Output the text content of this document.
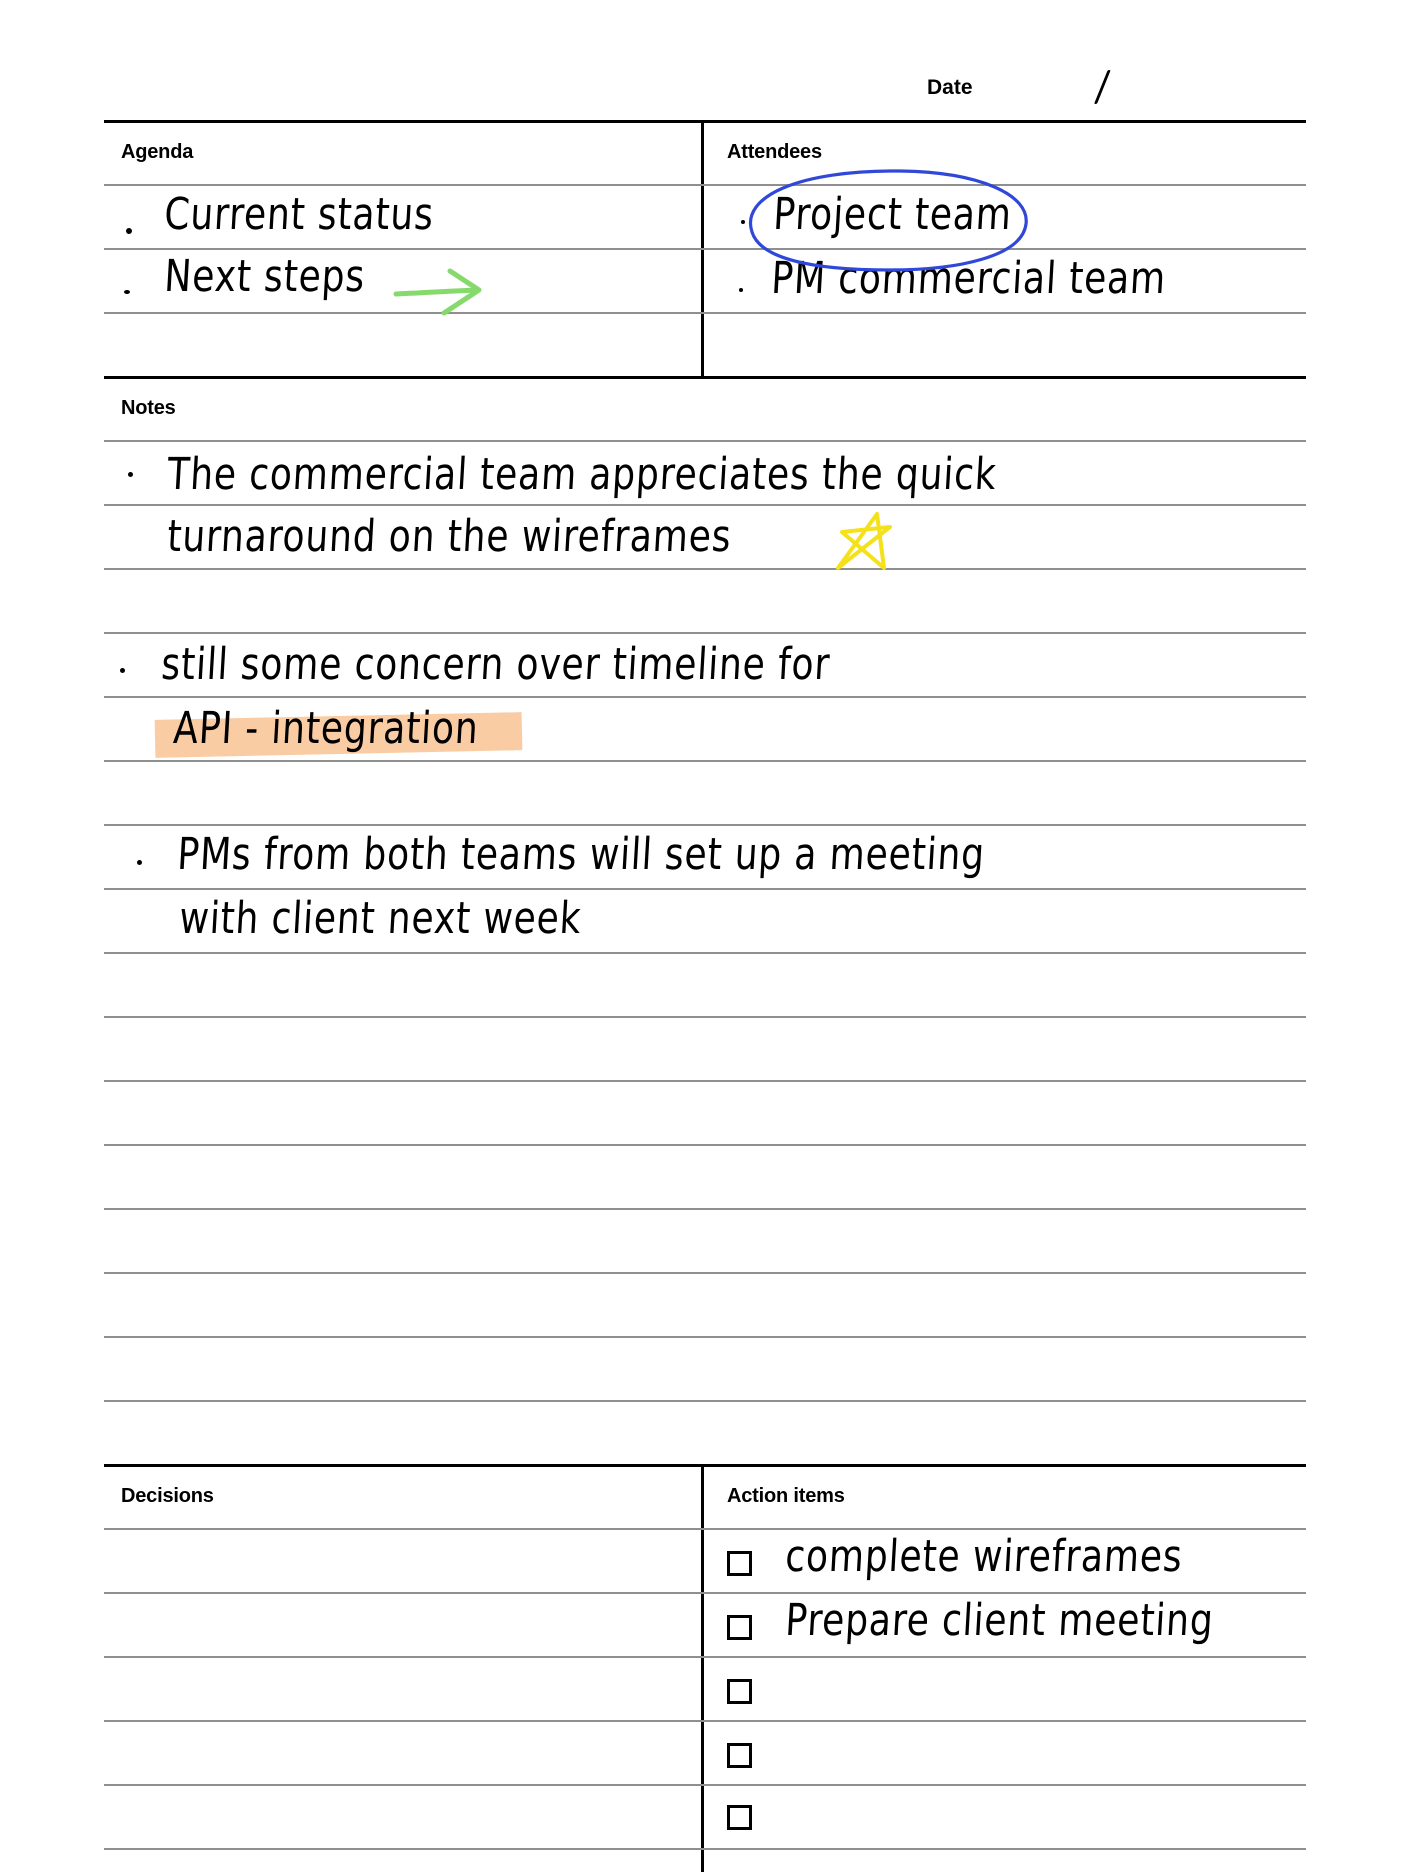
Date
Agenda	Attendees
Current status
Next steps
Project team
PM commercial team
Notes
The commercial team appreciates the quick
turnaround on the wireframes
still some concern over timeline for
API - integration
PMs from both teams will set up a meeting
with client next week
Decisions	Action items
complete wireframes
Prepare client meeting
